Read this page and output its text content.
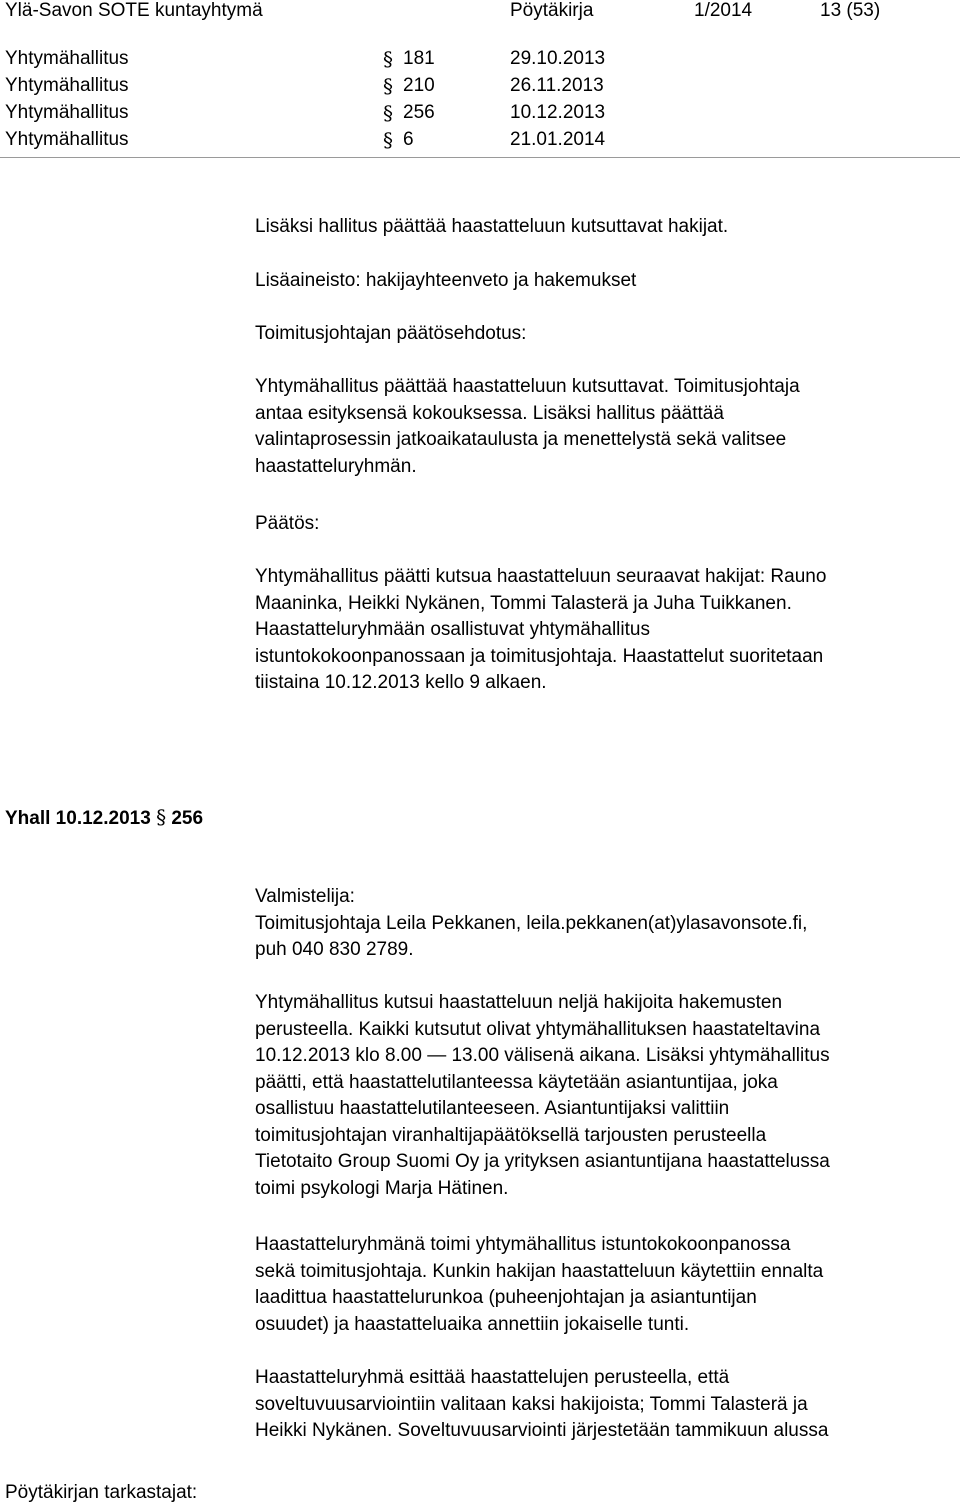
Ylä-Savon SOTE kuntayhtymä	Pöytäkirja	1/2014	13 (53)
Yhtymähallitus	§ 181	29.10.2013
Yhtymähallitus	§ 210	26.11.2013
Yhtymähallitus	§ 256	10.12.2013
Yhtymähallitus	§ 6	21.01.2014
Lisäksi hallitus päättää haastatteluun kutsuttavat hakijat.
Lisäaineisto: hakijayhteenveto ja hakemukset
Toimitusjohtajan päätösehdotus:
Yhtymähallitus päättää haastatteluun kutsuttavat. Toimitusjohtaja
antaa esityksensä kokouksessa. Lisäksi hallitus päättää
valintaprosessin jatkoaikataulusta ja menettelystä sekä valitsee
haastatteluryhmän.
Päätös:
Yhtymähallitus päätti kutsua haastatteluun seuraavat hakijat: Rauno
Maaninka, Heikki Nykänen, Tommi Talasterä ja Juha Tuikkanen.
Haastatteluryhmään osallistuvat yhtymähallitus
istuntokokoonpanossaan ja toimitusjohtaja. Haastattelut suoritetaan
tiistaina 10.12.2013 kello 9 alkaen.
Yhall 10.12.2013 § 256
Valmistelija:
Toimitusjohtaja Leila Pekkanen, leila.pekkanen(at)ylasavonsote.fi,
puh 040 830 2789.
Yhtymähallitus kutsui haastatteluun neljä hakijoita hakemusten
perusteella. Kaikki kutsutut olivat yhtymähallituksen haastateltavina
10.12.2013 klo 8.00 — 13.00 välisenä aikana. Lisäksi yhtymähallitus
päätti, että haastattelutilanteessa käytetään asiantuntijaa, joka
osallistuu haastattelutilanteeseen. Asiantuntijaksi valittiin
toimitusjohtajan viranhaltijapäätöksellä tarjousten perusteella
Tietotaito Group Suomi Oy ja yrityksen asiantuntijana haastattelussa
toimi psykologi Marja Hätinen.
Haastatteluryhmänä toimi yhtymähallitus istuntokokoonpanossa
sekä toimitusjohtaja. Kunkin hakijan haastatteluun käytettiin ennalta
laadittua haastattelurunkoa (puheenjohtajan ja asiantuntijan
osuudet) ja haastatteluaika annettiin jokaiselle tunti.
Haastatteluryhmä esittää haastattelujen perusteella, että
soveltuvuusarviointiin valitaan kaksi hakijoista; Tommi Talasterä ja
Heikki Nykänen. Soveltuvuusarviointi järjestetään tammikuun alussa
Pöytäkirjan tarkastajat:
